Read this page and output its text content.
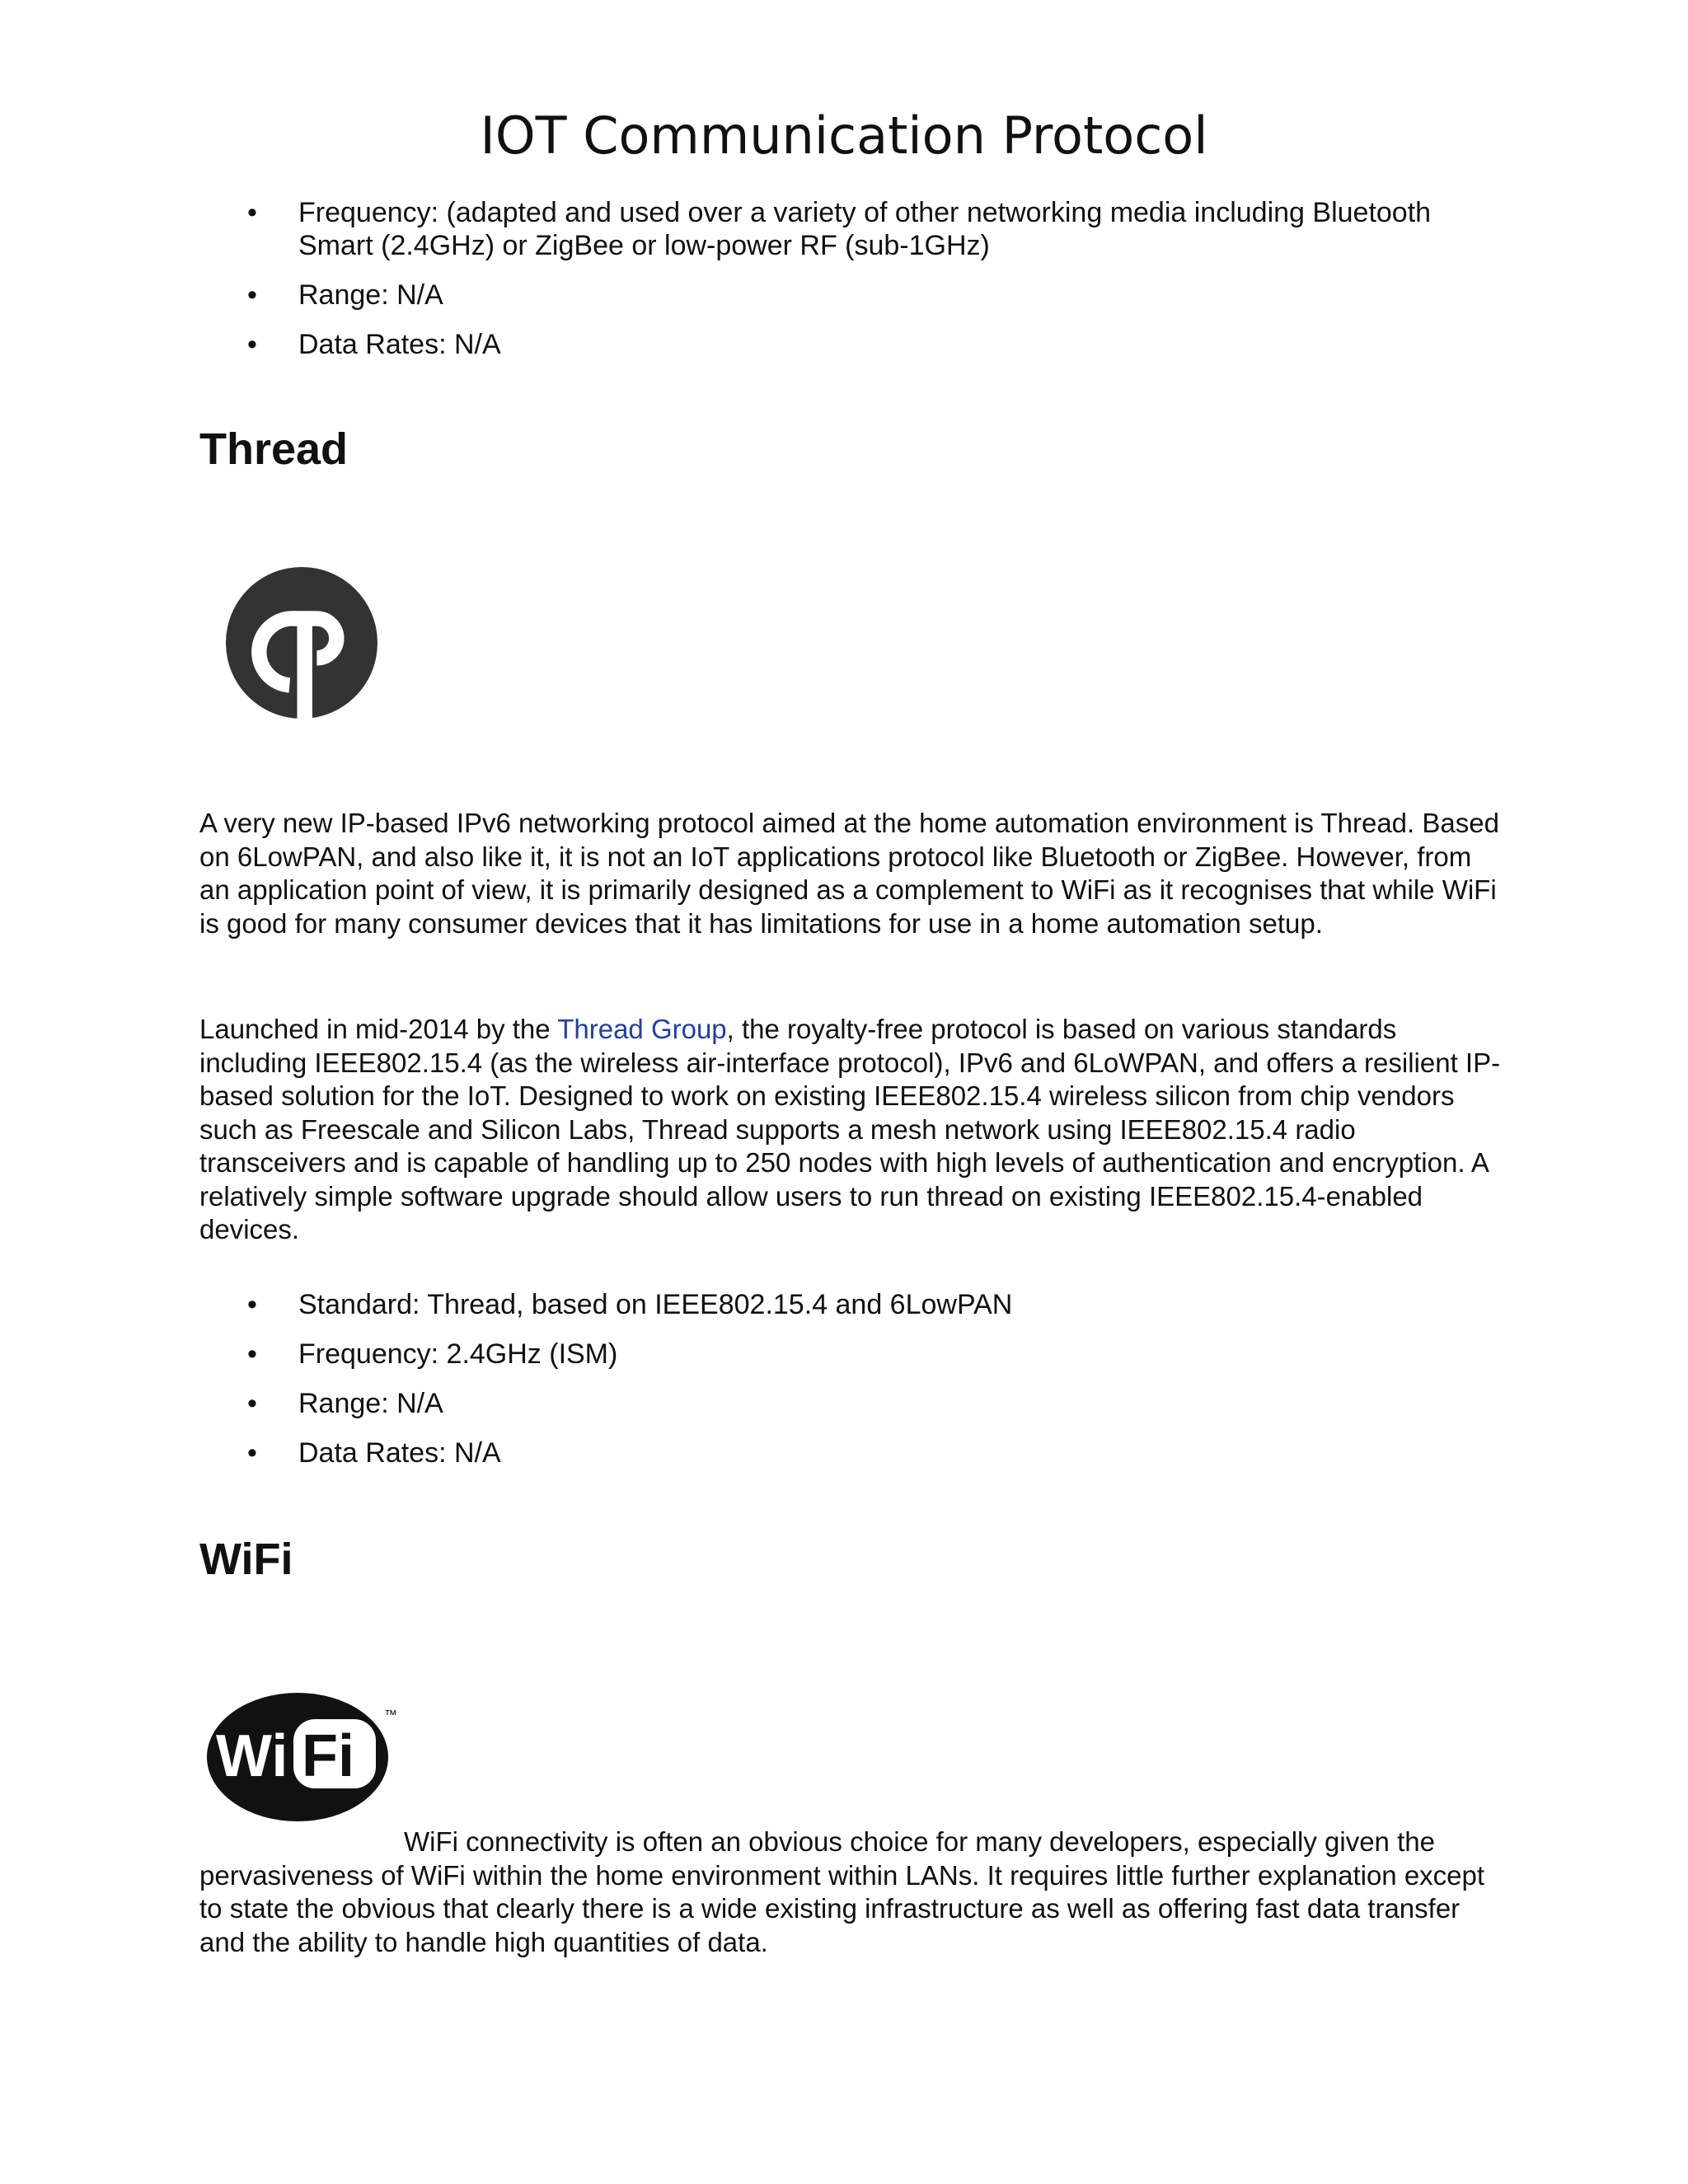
IOT Communication Protocol
• Frequency: (adapted and used over a variety of other networking media including Bluetooth Smart (2.4GHz) or ZigBee or low-power RF (sub-1GHz)
• Range: N/A
• Data Rates: N/A
Thread

A very new IP-based IPv6 networking protocol aimed at the home automation environment is Thread. Based on 6LowPAN, and also like it, it is not an IoT applications protocol like Bluetooth or ZigBee. However, from an application point of view, it is primarily designed as a complement to WiFi as it recognises that while WiFi is good for many consumer devices that it has limitations for use in a home automation setup.

Launched in mid-2014 by the Thread Group, the royalty-free protocol is based on various standards including IEEE802.15.4 (as the wireless air-interface protocol), IPv6 and 6LoWPAN, and offers a resilient IP-based solution for the IoT. Designed to work on existing IEEE802.15.4 wireless silicon from chip vendors such as Freescale and Silicon Labs, Thread supports a mesh network using IEEE802.15.4 radio transceivers and is capable of handling up to 250 nodes with high levels of authentication and encryption. A relatively simple software upgrade should allow users to run thread on existing IEEE802.15.4-enabled devices.

• Standard: Thread, based on IEEE802.15.4 and 6LowPAN
• Frequency: 2.4GHz (ISM)
• Range: N/A
• Data Rates: N/A
WiFi
Wi Fi
™

WiFi connectivity is often an obvious choice for many developers, especially given the pervasiveness of WiFi within the home environment within LANs. It requires little further explanation except to state the obvious that clearly there is a wide existing infrastructure as well as offering fast data transfer and the ability to handle high quantities of data.
